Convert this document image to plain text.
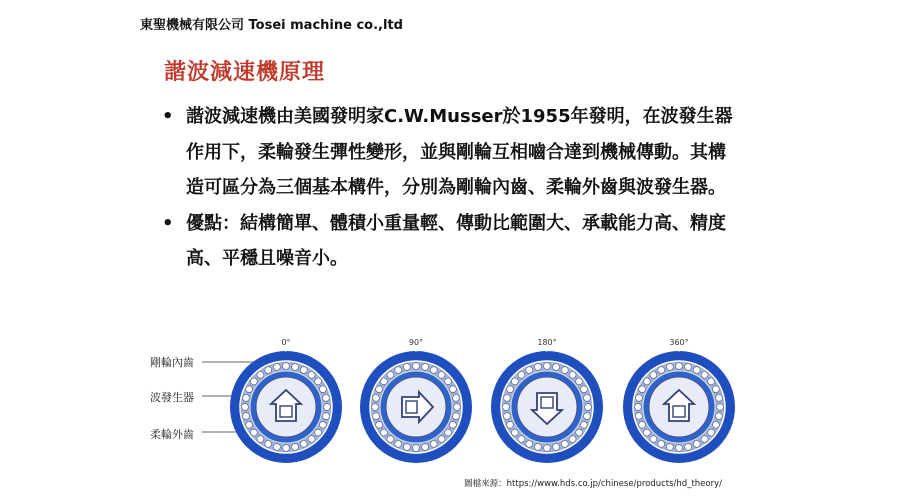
東聖機械有限公司 Tosei machine co.,ltd
諧波減速機原理
• 諧波減速機由美國發明家C.W.Musser於1955年發明，在波發生器作用下，柔輪發生彈性變形，並與剛輪互相嚙合達到機械傳動。其構造可區分為三個基本構件，分別為剛輪內齒、柔輪外齒與波發生器。
• 優點：結構簡單、體積小重量輕、傳動比範圍大、承載能力高、精度高、平穩且噪音小。
剛輪內齒
波發生器
柔輪外齒
0°	90°	180°	360°
圖檔來源：https://www.hds.co.jp/chinese/products/hd_theory/
